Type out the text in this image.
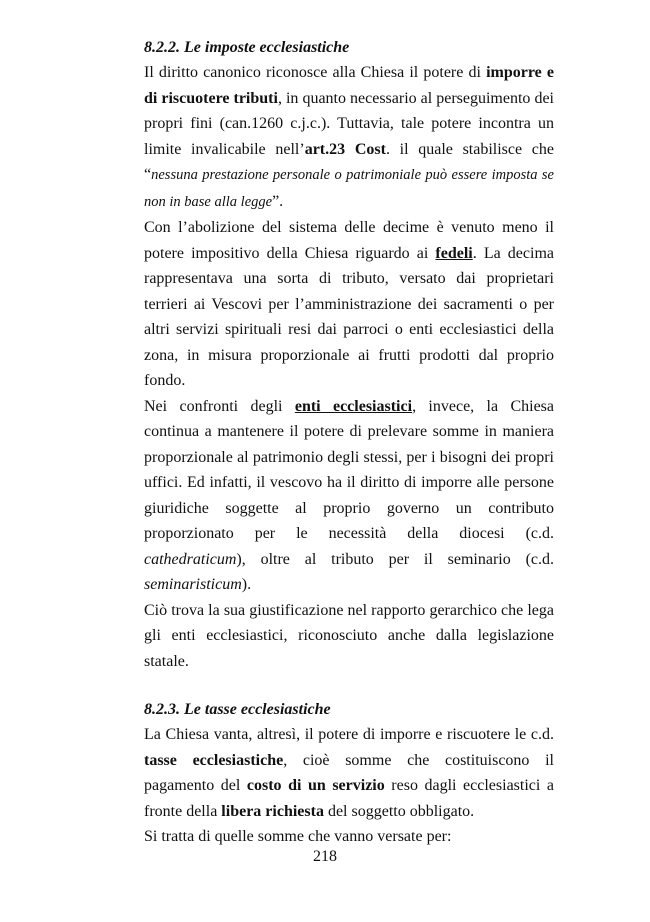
8.2.2. Le imposte ecclesiastiche

Il diritto canonico riconosce alla Chiesa il potere di imporre e di riscuotere tributi, in quanto necessario al perseguimento dei propri fini (can.1260 c.j.c.). Tuttavia, tale potere incontra un limite invalicabile nell’art.23 Cost. il quale stabilisce che “nessuna prestazione personale o patrimoniale può essere imposta se non in base alla legge”.

Con l’abolizione del sistema delle decime è venuto meno il potere impositivo della Chiesa riguardo ai fedeli. La decima rappresentava una sorta di tributo, versato dai proprietari terrieri ai Vescovi per l’amministrazione dei sacramenti o per altri servizi spirituali resi dai parroci o enti ecclesiastici della zona, in misura proporzionale ai frutti prodotti dal proprio fondo.

Nei confronti degli enti ecclesiastici, invece, la Chiesa continua a mantenere il potere di prelevare somme in maniera proporzionale al patrimonio degli stessi, per i bisogni dei propri uffici. Ed infatti, il vescovo ha il diritto di imporre alle persone giuridiche soggette al proprio governo un contributo proporzionato per le necessità della diocesi (c.d. cathedraticum), oltre al tributo per il seminario (c.d. seminaristicum).

Ciò trova la sua giustificazione nel rapporto gerarchico che lega gli enti ecclesiastici, riconosciuto anche dalla legislazione statale.

8.2.3. Le tasse ecclesiastiche

La Chiesa vanta, altresì, il potere di imporre e riscuotere le c.d. tasse ecclesiastiche, cioè somme che costituiscono il pagamento del costo di un servizio reso dagli ecclesiastici a fronte della libera richiesta del soggetto obbligato.

Si tratta di quelle somme che vanno versate per:

218
